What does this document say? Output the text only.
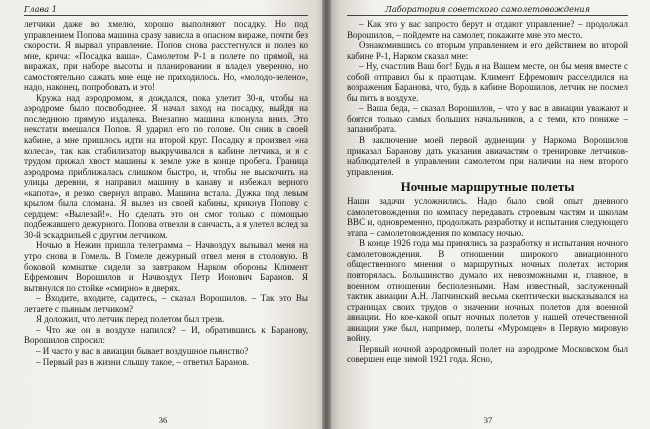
Глава 1

летчики даже во хмелю, хорошо выполняют посадку. Но под управлением Попова машина сразу зависла в опасном вираже, почти без скорости. Я вырвал управление. Попов снова расстегнулся и полез ко мне, крича: «Посадка ваша». Самолетом Р-1 в полете по прямой, на виражах, при наборе высоты и планировании я владел уверенно, но самостоятельно сажать мне еще не приходилось. Но, «молодо-зелено», надо, наконец, попробовать и это!

Кружа над аэродромом, я дождался, пока улетит 30-я, чтобы на аэродроме было посвободнее. Я начал заход на посадку, выйдя на последнюю прямую издалека. Внезапно машина клюнула вниз. Это некстати вмешался Попов. Я ударил его по голове. Он сник в своей кабине, а мне пришлось идти на второй круг. Посадку я произвел «на колеса», так как стабилизатор выкручивался в кабине летчика, и я с трудом прижал хвост машины к земле уже в конце пробега. Граница аэродрома приближалась слишком быстро, и, чтобы не выскочить на улицы деревни, я направил машину в канаву и избежал верного «капота», я резко свернул вправо. Машина встала. Дужка под левым крылом была сломана. Я вылез из своей кабины, крикнув Попову с сердцем: «Вылезай!». Но сделать это он смог только с помощью подбежавшего дежурного. Попова отвезли в санчасть, а я улетел вслед за 30-й эскадрильей с другим летчиком.

Ночью в Нежин пришла телеграмма – Начвоздух вызывал меня на утро снова в Гомель. В Гомеле дежурный отвел меня в столовую. В боковой комнатке сидели за завтраком Нарком обороны Климент Ефремович Ворошилов и Начвоздух Петр Ионович Баранов. Я вытянулся по стойке «смирно» в дверях.

– Входите, входите, садитесь, – сказал Ворошилов. – Так это Вы летаете с пьяным летчиком?

Я доложил, что летчик перед полетом был трезв.

– Что же он в воздухе напился? – И, обратившись к Баранову, Ворошилов спросил:

– И часто у вас в авиации бывает воздушное пьянство?

– Первый раз в жизни слышу такое, – ответил Баранов.

36
Лаборатория советского самолетовождения

– Как это у вас запросто берут и отдают управление? – продолжал Ворошилов, – пойдемте на самолет, покажите мне это место.

Ознакомившись со вторым управлением и его действием во второй кабине Р-1, Нарком сказал мне:

– Ну, счастлив Ваш бог! Будь я на Вашем месте, он бы меня вместе с собой отправил бы к праотцам. Климент Ефремович расселдился на возражения Баранова, что, будь в кабине Ворошилов, летчик не посмел бы пить в воздухе.

– Ваша беда, – сказал Ворошилов, – что у вас в авиации уважают и боятся только самых больших начальников, а с теми, кто пониже – запанибрата.

В заключение моей первой аудиенции у Наркома Ворошилов приказал Баранову дать указания авиачастям о тренировке летчиков-наблюдателей в управлении самолетом при наличии на нем второго управления.

Ночные маршрутные полеты

Наши задачи усложнились. Надо было свой опыт дневного самолетовождения по компасу передавать строевым частям и школам ВВС и, одновременно, продолжать разработку и испытания следующего этапа – самолетовождения по компасу ночью.

В конце 1926 года мы принялись за разработку и испытания ночного самолетовождения. В отношении широкого авиационного общественного мнения о маршрутных ночных полетах история повторялась. Большинство думало их невозможными и, главное, в военном отношении бесполезными. Нам известный, заслуженный тактик авиации А.Н. Лапчинский весьма скептически высказывался на страницах своих трудов о значении ночных полетов для военной авиации. Но кое-какой опыт ночных полетов у нашей отечественной авиации уже был, например, полеты «Муромцев» в Первую мировую войну.

Первый ночной аэродромный полет на аэродроме Московском был совершен еще зимой 1921 года. Ясно,

37
